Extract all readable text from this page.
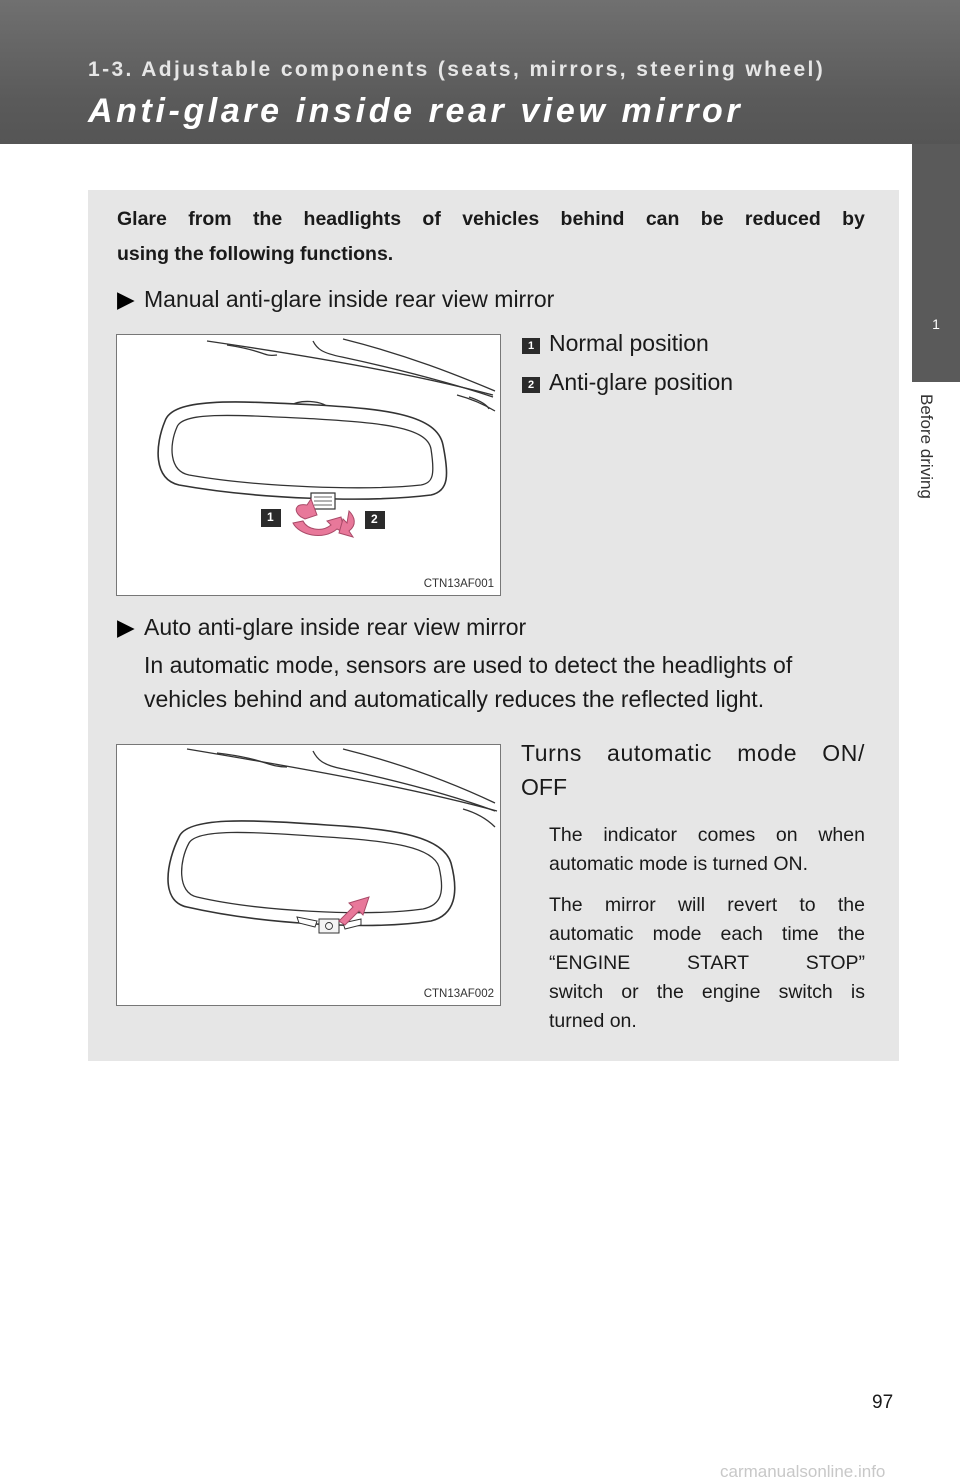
1-3. Adjustable components (seats, mirrors, steering wheel)
Anti-glare inside rear view mirror
1
Before driving
Glare from the headlights of vehicles behind can be reduced by
using the following functions.
▶ Manual anti-glare inside rear view mirror
1	2
CTN13AF001
1 Normal position
2 Anti-glare position
▶ Auto anti-glare inside rear view mirror
In automatic mode, sensors are used to detect the headlights of
vehicles behind and automatically reduces the reflected light.
CTN13AF002
Turns automatic mode ON/
OFF
The indicator comes on when
automatic mode is turned ON.
The mirror will revert to the
automatic mode each time the
“ENGINE	START	STOP”
switch or the engine switch is
turned on.
97
carmanualsonline.info
